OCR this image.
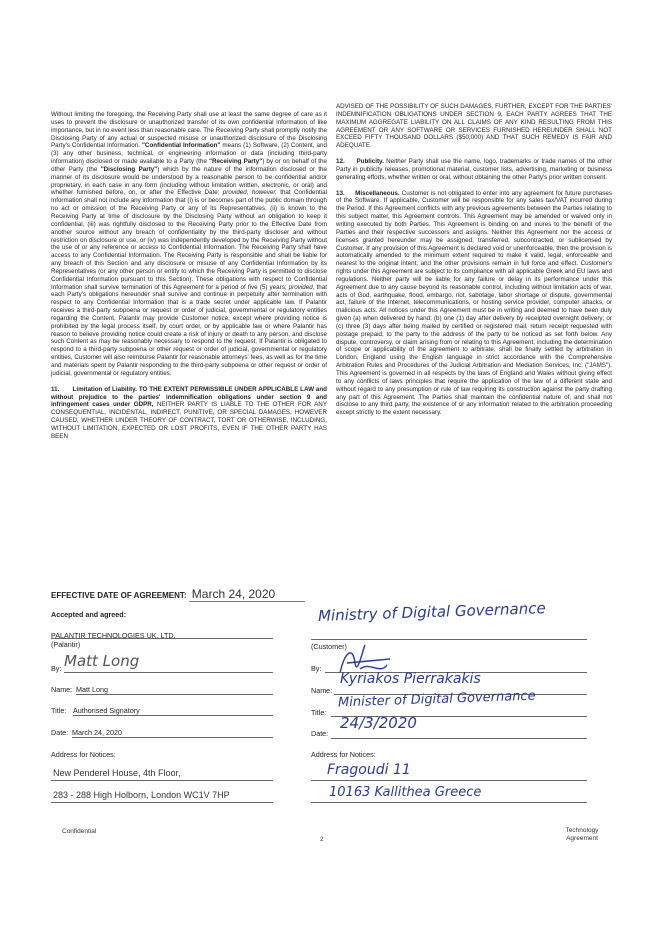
`

Without limiting the foregoing, the Receiving Party shall use at least the same degree of care as it uses to prevent the disclosure or unauthorized transfer of its own confidential information of like importance, but in no event less than reasonable care. The Receiving Party shall promptly notify the Disclosing Party of any actual or suspected misuse or unauthorized disclosure of the Disclosing Party's Confidential Information. "Confidential Information" means (1) Software, (2) Content, and (3) any other business, technical, or engineering information or data (including third-party information) disclosed or made available to a Party (the "Receiving Party") by or on behalf of the other Party (the "Disclosing Party") which by the nature of the information disclosed or the manner of its disclosure would be understood by a reasonable person to be confidential and/or proprietary, in each case in any form (including without limitation written, electronic, or oral) and whether furnished before, on, or after the Effective Date; provided, however, that Confidential Information shall not include any information that (i) is or becomes part of the public domain through no act or omission of the Receiving Party or any of its Representatives, (ii) is known to the Receiving Party at time of disclosure by the Disclosing Party without an obligation to keep it confidential, (iii) was rightfully disclosed to the Receiving Party prior to the Effective Date from another source without any breach of confidentiality by the third-party discloser and without restriction on disclosure or use, or (iv) was independently developed by the Receiving Party without the use of or any reference or access to Confidential Information. The Receiving Party shall have access to any Confidential Information. The Receiving Party is responsible and shall be liable for any breach of this Section and any disclosure or misuse of any Confidential Information by its Representatives (or any other person or entity to which the Receiving Party is permitted to disclose Confidential Information pursuant to this Section). These obligations with respect to Confidential Information shall survive termination of this Agreement for a period of five (5) years; provided, that each Party's obligations hereunder shall survive and continue in perpetuity after termination with respect to any Confidential Information that is a trade secret under applicable law. If Palantir receives a third-party subpoena or request or order of judicial, governmental or regulatory entities regarding the Content, Palantir may provide Customer notice, except where providing notice is prohibited by the legal process itself, by court order, or by applicable law or where Palantir has reason to believe providing notice could create a risk of injury or death to any person, and disclose such Content as may be reasonably necessary to respond to the request. If Palantir is obligated to respond to a third-party subpoena or other request or order of judicial, governmental or regulatory entities, Customer will also reimburse Palantir for reasonable attorneys' fees, as well as for the time and materials spent by Palantir responding to the third-party subpoena or other request or order of judicial, governmental or regulatory entities.

11. Limitation of Liability. TO THE EXTENT PERMISSIBLE UNDER APPLICABLE LAW and without prejudice to the parties' indemnification obligations under section 9 and infringement cases under GDPR, NEITHER PARTY IS LIABLE TO THE OTHER FOR ANY CONSEQUENTIAL, INCIDENTAL, INDIRECT, PUNITIVE, OR SPECIAL DAMAGES, HOWEVER CAUSED, WHETHER UNDER THEORY OF CONTRACT, TORT OR OTHERWISE, INCLUDING, WITHOUT LIMITATION, EXPECTED OR LOST PROFITS, EVEN IF THE OTHER PARTY HAS BEEN

ADVISED OF THE POSSIBILITY OF SUCH DAMAGES. FURTHER, EXCEPT FOR THE PARTIES' INDEMNIFICATION OBLIGATIONS UNDER SECTION 9, EACH PARTY AGREES THAT THE MAXIMUM AGGREGATE LIABILITY ON ALL CLAIMS OF ANY KIND RESULTING FROM THIS AGREEMENT OR ANY SOFTWARE OR SERVICES FURNISHED HEREUNDER SHALL NOT EXCEED FIFTY THOUSAND DOLLARS ($50,000) AND THAT SUCH REMEDY IS FAIR AND ADEQUATE.

12. Publicity. Neither Party shall use the name, logo, trademarks or trade names of the other Party in publicity releases, promotional material, customer lists, advertising, marketing or business generating efforts, whether written or oral, without obtaining the other Party's prior written consent.

13. Miscellaneous. Customer is not obligated to enter into any agreement for future purchases of the Software. If applicable, Customer will be responsible for any sales tax/VAT incurred during the Period. If this Agreement conflicts with any previous agreements between the Parties relating to this subject matter, this Agreement controls. This Agreement may be amended or waived only in writing executed by both Parties. This Agreement is binding on and inures to the benefit of the Parties and their respective successors and assigns. Neither this Agreement nor the access or licenses granted hereunder may be assigned, transferred, subcontracted, or sublicensed by Customer. If any provision of this Agreement is declared void or unenforceable, then the provision is automatically amended to the minimum extent required to make it valid, legal, enforceable and nearest to the original intent, and the other provisions remain in full force and effect. Customer's rights under this Agreement are subject to its compliance with all applicable Greek and EU laws and regulations. Neither party will be liable for any failure or delay in its performance under this Agreement due to any cause beyond its reasonable control, including without limitation acts of war, acts of God, earthquake, flood, embargo, riot, sabotage, labor shortage or dispute, governmental act, failure of the Internet, telecommunications, or hosting service provider, computer attacks, or malicious acts. All notices under this Agreement must be in writing and deemed to have been duly given (a) when delivered by hand; (b) one (1) day after delivery by receipted overnight delivery; or (c) three (3) days after being mailed by certified or registered mail, return receipt requested with postage prepaid, to the party to the address of the party to be noticed as set forth below. Any dispute, controversy, or claim arising from or relating to this Agreement, including the determination of scope or applicability of the agreement to arbitrate, shall be finally settled by arbitration in London, England using the English language in strict accordance with the Comprehensive Arbitration Rules and Procedures of the Judicial Arbitration and Mediation Services, Inc. ("JAMS"). This Agreement is governed in all respects by the laws of England and Wales without giving effect to any conflicts of laws principles that require the application of the law of a different state and without regard to any presumption or rule of law requiring its construction against the party drafting any part of this Agreement. The Parties shall maintain the confidential nature of, and shall not disclose to any third party, the existence of or any information related to the arbitration proceeding except strictly to the extent necessary.

EFFECTIVE DATE OF AGREEMENT: March 24, 2020
Accepted and agreed:
PALANTIR TECHNOLOGIES UK, LTD.
(Palantir)
By: Matt Long
Name: Matt Long
Title: Authorised Signatory
Date: March 24, 2020
Address for Notices:
New Penderel House, 4th Floor,
283 - 288 High Holborn, London WC1V 7HP
Ministry of Digital Governance
(Customer)
By:
Name:
Kyriakos Pierrakakis
Title:
Minister of Digital Governance
Date:
24/3/2020
Address for Notices:
Fragoudi 11
10163 Kallithea Greece
Confidential
2
Technology
Agreement
